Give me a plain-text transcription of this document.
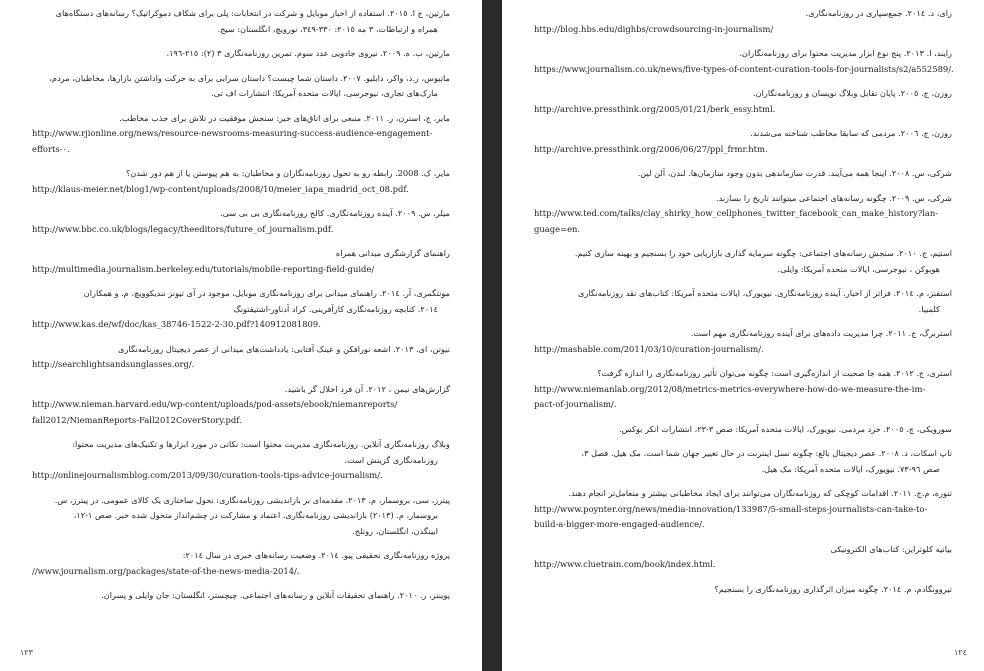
مارتین، ج ا. ٢٠١٥. استفاده از اخبار موبایل و شرکت در انتخابات: پلی برای شکاف دموکراتیک؟ رسانه‌های دستگاه‌های
همراه و ارتباطات، ٣ مه ٢٠١٥: ٣٣٠-٣٤٩، نورویچ، انگلستان: سیج.
مارتین، ب. ه. ٢٠٠٩. نیروی جادویی عدد سوم. تمرین روزنامه‌نگاری ٣ (٢): ٢١٥-١٩٦.
ماتیوس، ر.د، واکر، دابلیو. ٢٠٠٧. داستان شما چیست؟ داستان سرایی برای به حرکت واداشتن بازارها، مخاطبان، مردم،
مارک‌های تجاری، نیوجرسی، ایالات متحده آمریکا: انتشارات اف تی.
مایر، ج، استرن، ر. ٢٠١١. منبعی برای اتاق‌های خبر: سنجش موفقیت در تلاش برای جذب مخاطب.
http://www.rjionline.org/news/resource-newsrooms-measuring-success-audience-engagement-
efforts-٠.
مایر، ک. 2008. رابطه رو به تحول روزنامه‌نگاران و مخاطبان: به هم پیوستن یا از هم دور شدن؟
http://klaus-meier.net/blog1/wp-content/uploads/2008/10/meier_iapa_madrid_oct_08.pdf.
میلر، س. ٢٠٠٩. آینده روزنامه‌نگاری. کالج روزنامه‌نگاری بی بی سی.
http://www.bbc.co.uk/blogs/legacy/theeditors/future_of_journalism.pdf.
راهنمای گزارشگری میدانی همراه
http://multimedia.journalism.berkeley.edu/tutorials/mobile-reporting-field-guide/
مونتگمری، آر. ٢٠١٤. راهنمای میدانی برای روزنامه‌نگاری موبایل، موجود در آی تیونز نندیکوویچ، م. و همکاران
٢٠١٤. کتابچه روزنامه‌نگاری کارآفرینی. کراد آدناور-اشتیفتونگ
http://www.kas.de/wf/doc/kas_38746-1522-2-30.pdf?140912081809.
نیوتن، ای. ٢٠١٣. اشعه نورافکن و عینک آفتابی: یادداشت‌های میدانی از عصر دیجیتال روزنامه‌نگاری
http://searchlightsandsunglasses.org/.
گزارش‌های نیمن ، ٢٠١٢. آن فرد اخلال گر باشید.
http://www.nieman.harvard.edu/wp-content/uploads/pod-assets/ebook/niemanreports/
fall2012/NiemanReports-Fall2012CoverStory.pdf.
وبلاگ روزنامه‌نگاری آنلاین. روزنامه‌نگاری مدیریت محتوا است: نکاتی در مورد ابزارها و تکنیک‌های مدیریت محتوا:
روزنامه‌نگاری گزینش است.
http://onlinejournalismblog.com/2013/09/30/curation-tools-tips-advice-journalism/.
پیترز، سی، بروسمار، م. ٢٠١٣. مقدمه‌ای بر بازاندیشی روزنامه‌نگاری: تحول ساختاری یک کالای عمومی. در پیترز، س.
بروسمار، م. (٢٠١٣) بازاندیشی روزنامه‌نگاری. اعتماد و مشارکت در چشم‌انداز متحول شده خبر. صص ١-١٢،
ابینگدن، انگلستان، روتلج.
پروژه روزنامه‌نگاری تحقیقی پیو. ٢٠١٤. وضعیت رسانه‌های خبری در سال ٢٠١٤:
//www.journalism.org/packages/state-of-the-news-media-2014/.
پوینتر، ر. ٢٠١٠. راهنمای تحقیقات آنلاین و رسانه‌های اجتماعی. چیچستر، انگلستان: جان وایلی و پسران.
١٢٣
رای، د. ٢٠١٤. جمع‌سپاری در روزنامه‌نگاری.
http://blog.hbs.edu/dighbs/crowdsourcing-in-journalism/
رایند، ا. ٢٠١٣. پنج نوع ابزار مدیریت محتوا برای روزنامه‌نگاران.
https://www.journalism.co.uk/news/five-types-of-content-curation-tools-for-journalists/s2/a552589/.
روزن، ج. ٢٠٠٥. پایان تقابل وبلاگ نویسان و روزنامه‌نگاران.
http://archive.pressthink.org/2005/01/21/berk_essy.html.
روزن، ج. ٢٠٠٦. مردمی که سابقا مخاطب شناخته می‌شدند.
http://archive.pressthink.org/2006/06/27/ppl_frmr.htm.
شرکی، س. ٢٠٠٨. اینجا همه می‌آیند. قدرت سازماندهی بدون وجود سازمان‌ها. لندن، آلن لین.
شرکی، س. ٢٠٠٩. چگونه رسانه‌های اجتماعی میتوانند تاریخ را بسازند.
http://www.ted.com/talks/clay_shirky_how_cellphones_twitter_facebook_can_make_history?lan-
guage=en.
استیم، ج. ٢٠١٠. سنجش رسانه‌های اجتماعی: چگونه سرمایه گذاری بازاریابی خود را بسنجیم و بهینه سازی کنیم.
هوبوکن ، نیوجرسی، ایالات متحده آمریکا: وایلی.
استفنز، م. ٢٠١٤. فراتر از اخبار. آینده روزنامه‌نگاری. نیویورک، ایالات متحده آمریکا: کتاب‌های نقد روزنامه‌نگاری
کلمبیا.
استربرگ، ج. ٢٠١١. چرا مدیریت داده‌های برای آینده روزنامه‌نگاری مهم است.
http://mashable.com/2011/03/10/curation-journalism/.
استری، ج. ٢٠١٢. همه جا صحبت از اندازه‌گیری است: چگونه می‌توان تأثیر روزنامه‌نگاری را اندازه گرفت؟
http://www.niemanlab.org/2012/08/metrics-metrics-everywhere-how-do-we-measure-the-im-
pact-of-journalism/.
سورویکی، ج. ٢٠٠٥. خرد مردمی. نیویورک، ایالات متحده آمریکا: صص ٣-٢٣، انتشارات انکر بوکس.
تاپ اسکات، د. ٢٠٠٨. عصر دیجیتال بالغ: چگونه نسل اینترنت در حال تغییر جهان شما است. مک هیل. فصل ٣،
صص ٩٦-٧٣. نیویورک، ایالات متحده آمریکا: مک هیل.
تنوره، م.ج. ٢٠١١. اقدامات کوچکی که روزنامه‌نگاران می‌توانند برای ایجاد مخاطبانی بیشتر و متعامل‌تر انجام دهند.
http://www.poynter.org/news/media-innovation/133987/5-small-steps-journalists-can-take-to-
build-a-bigger-more-engaged-audience/.
بیانیه کلوتراین: کتاب‌های الکترونیکی
http://www.cluetrain.com/book/index.html.
تیروونگادم، م. ٢٠١٤. چگونه میزان اثرگذاری روزنامه‌نگاری را بسنجیم؟
١٢٤
